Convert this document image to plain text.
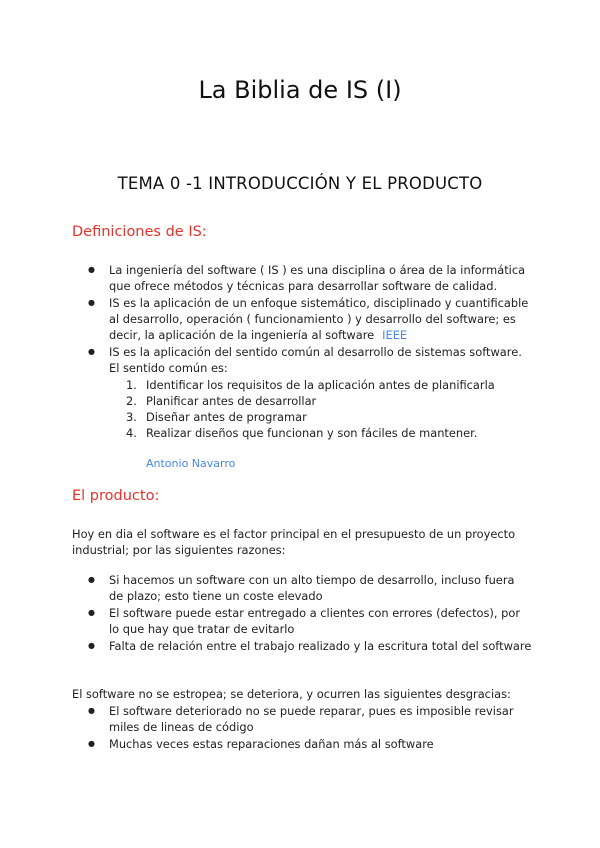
La Biblia de IS (I)
TEMA 0 -1 INTRODUCCIÓN Y EL PRODUCTO
Definiciones de IS:
● La ingeniería del software ( IS ) es una disciplina o área de la informática que ofrece métodos y técnicas para desarrollar software de calidad.
● IS es la aplicación de un enfoque sistemático, disciplinado y cuantificable al desarrollo, operación ( funcionamiento ) y desarrollo del software; es decir, la aplicación de la ingeniería al software IEEE
● IS es la aplicación del sentido común al desarrollo de sistemas software. El sentido común es:
1. Identificar los requisitos de la aplicación antes de planificarla
2. Planificar antes de desarrollar
3. Diseñar antes de programar
4. Realizar diseños que funcionan y son fáciles de mantener.
Antonio Navarro
El producto:
Hoy en dia el software es el factor principal en el presupuesto de un proyecto industrial; por las siguientes razones:
● Si hacemos un software con un alto tiempo de desarrollo, incluso fuera de plazo; esto tiene un coste elevado
● El software puede estar entregado a clientes con errores (defectos), por lo que hay que tratar de evitarlo
● Falta de relación entre el trabajo realizado y la escritura total del software
El software no se estropea; se deteriora, y ocurren las siguientes desgracias:
● El software deteriorado no se puede reparar, pues es imposible revisar miles de lineas de código
● Muchas veces estas reparaciones dañan más al software
